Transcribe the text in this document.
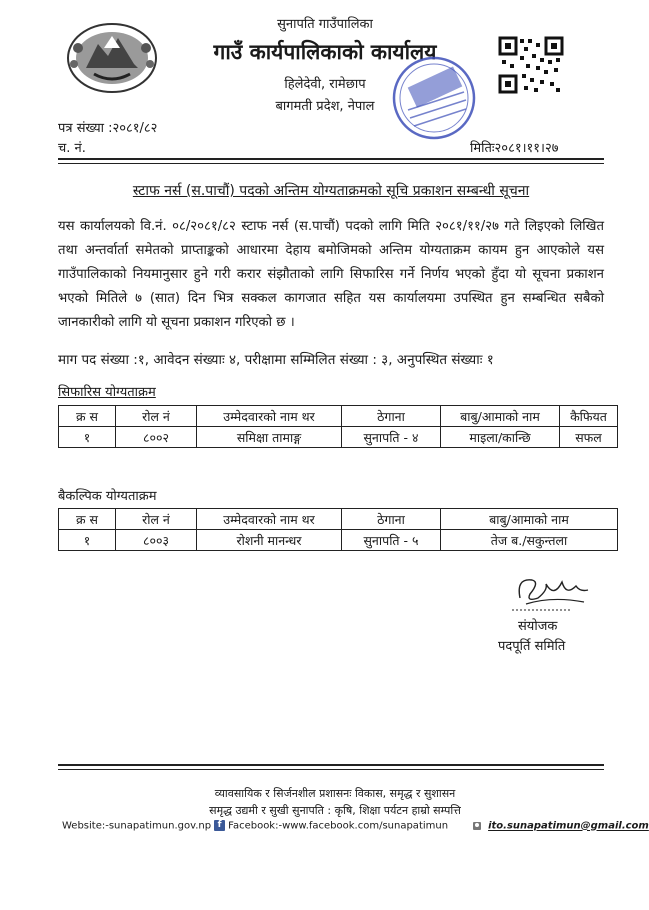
सुनापति गाउँपालिका
गाउँ कार्यपालिकाको कार्यालय
हिलेदेवी, रामेछाप
बागमती प्रदेश, नेपाल
पत्र संख्या :२०८१/८२
च. नं.	मितिः२०८१।११।२७
स्टाफ नर्स (स.पाचौं) पदको अन्तिम योग्यताक्रमको सूचि प्रकाशन सम्बन्धी सूचना
यस कार्यालयको वि.नं. ०८/२०८१/८२ स्टाफ नर्स (स.पाचौं) पदको लागि मिति २०८१/११/२७ गते लिइएको लिखित तथा अन्तर्वार्ता समेतको प्राप्ताङ्कको आधारमा देहाय बमोजिमको अन्तिम योग्यताक्रम कायम हुन आएकोले यस गाउँपालिकाको नियमानुसार हुने गरी करार संझौताको लागि सिफारिस गर्ने निर्णय भएको हुँदा यो सूचना प्रकाशन भएको मितिले ७ (सात) दिन भित्र सक्कल कागजात सहित यस कार्यालयमा उपस्थित हुन सम्बन्धित सबैको जानकारीको लागि यो सूचना प्रकाशन गरिएको छ ।
माग पद संख्या :१, आवेदन संख्याः ४, परीक्षामा सम्मिलित संख्या : ३, अनुपस्थित संख्याः १
सिफारिस योग्यताक्रम
क्र स	रोल नं	उम्मेदवारको नाम थर	ठेगाना	बाबु/आमाको नाम	कैफियत
१	८००२	समिक्षा तामाङ्ग	सुनापति - ४	माइला/कान्छि	सफल
बैकल्पिक योग्यताक्रम
क्र स	रोल नं	उम्मेदवारको नाम थर	ठेगाना	बाबु/आमाको नाम
१	८००३	रोशनी मानन्धर	सुनापति - ५	तेज ब./सकुन्तला
संयोजक
पदपूर्ति समिति
व्यावसायिक र सिर्जनशील प्रशासनः विकास, समृद्ध र सुशासन
समृद्ध उद्यमी र सुखी सुनापति : कृषि, शिक्षा पर्यटन हाम्रो सम्पत्ति
Website:-sunapatimun.gov.np f Facebook:-www.facebook.com/sunapatimun	ito.sunapatimun@gmail.com
